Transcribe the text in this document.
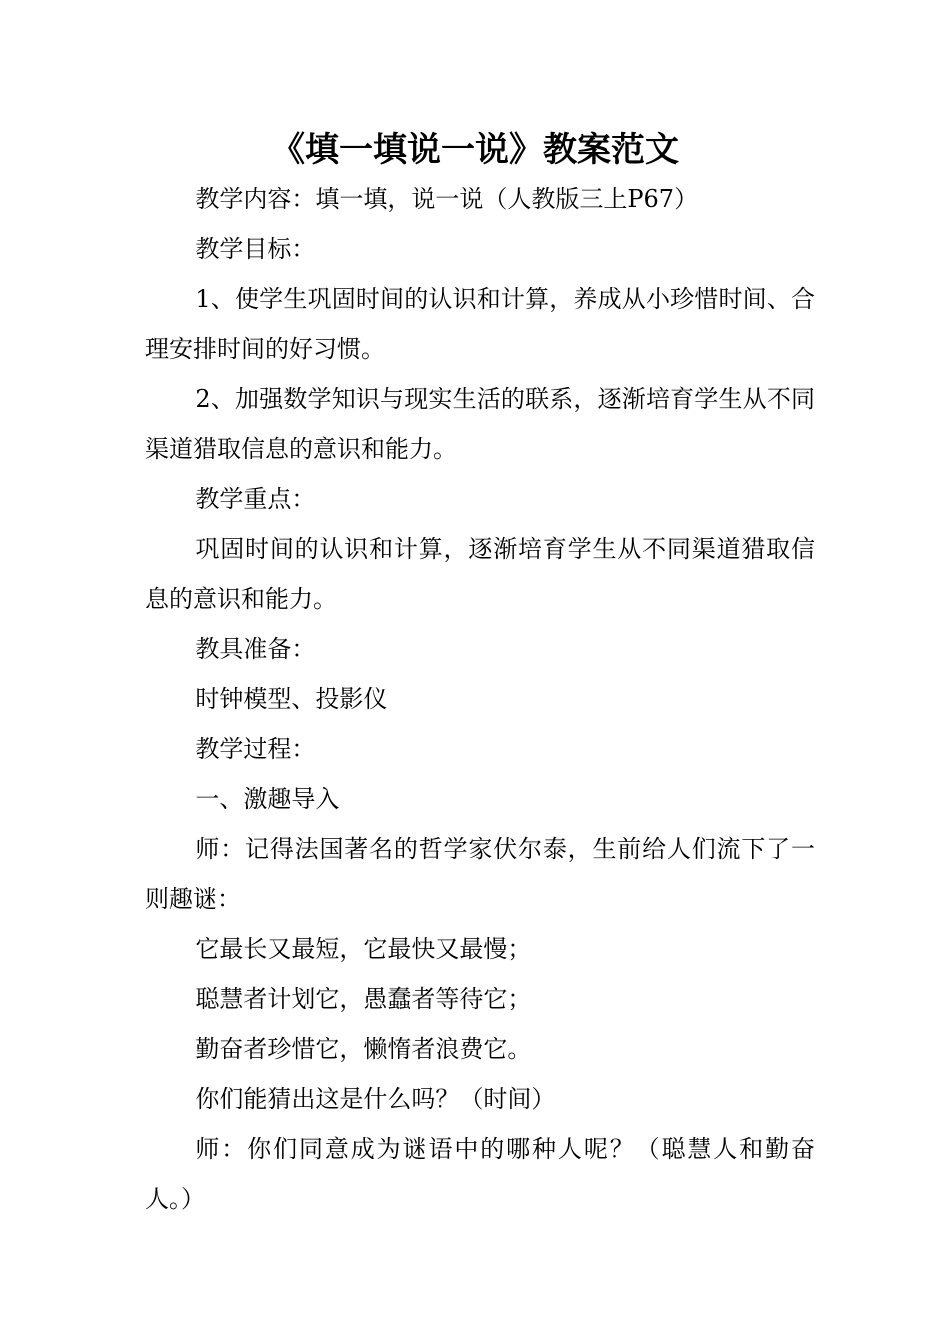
《填一填说一说》教案范文

教学内容：填一填，说一说（人教版三上P67）

教学目标：

1、使学生巩固时间的认识和计算，养成从小珍惜时间、合理安排时间的好习惯。

2、加强数学知识与现实生活的联系，逐渐培育学生从不同渠道猎取信息的意识和能力。

教学重点：

巩固时间的认识和计算，逐渐培育学生从不同渠道猎取信息的意识和能力。

教具准备：

时钟模型、投影仪

教学过程：

一、激趣导入

师：记得法国著名的哲学家伏尔泰，生前给人们流下了一则趣谜：

它最长又最短，它最快又最慢；

聪慧者计划它，愚蠢者等待它；

勤奋者珍惜它，懒惰者浪费它。

你们能猜出这是什么吗？（时间）

师：你们同意成为谜语中的哪种人呢？（聪慧人和勤奋人。）
